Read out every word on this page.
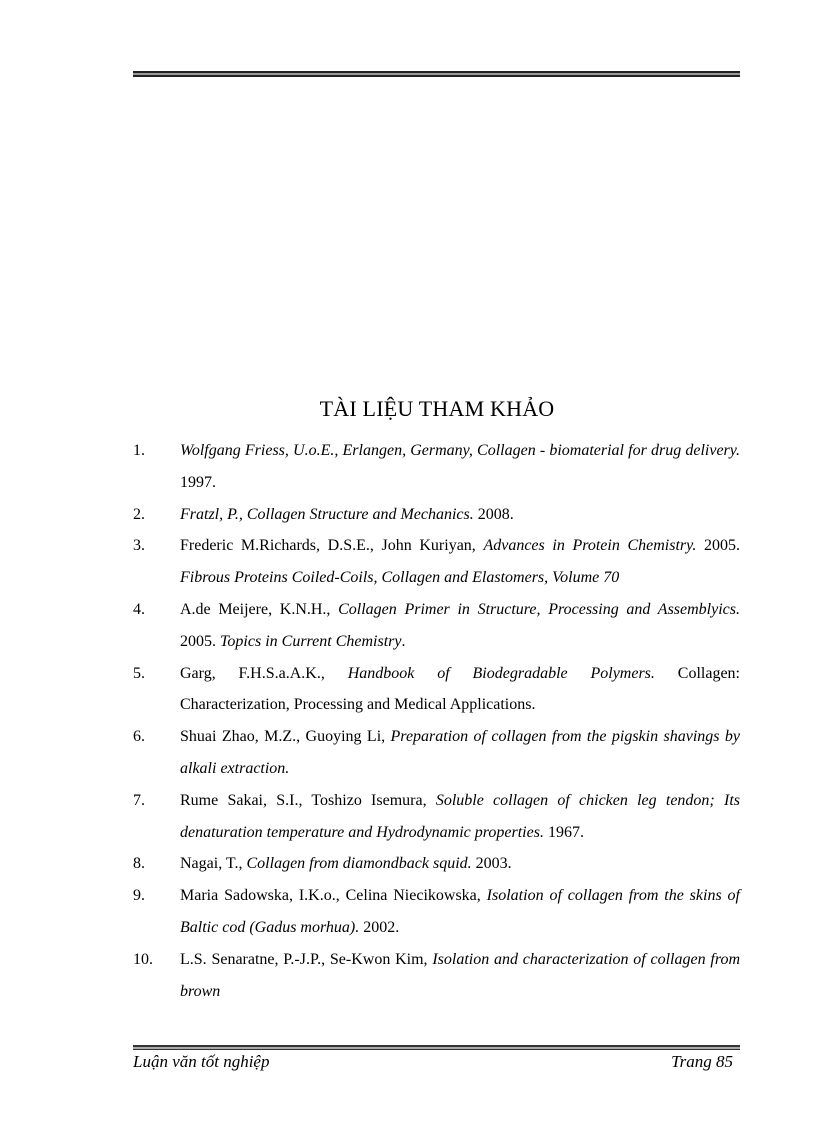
TÀI LIỆU THAM KHẢO
1. Wolfgang Friess, U.o.E., Erlangen, Germany, Collagen - biomaterial for drug delivery. 1997.
2. Fratzl, P., Collagen Structure and Mechanics. 2008.
3. Frederic M.Richards, D.S.E., John Kuriyan, Advances in Protein Chemistry. 2005. Fibrous Proteins Coiled-Coils, Collagen and Elastomers, Volume 70
4. A.de Meijere, K.N.H., Collagen Primer in Structure, Processing and Assemblyics. 2005. Topics in Current Chemistry.
5. Garg, F.H.S.a.A.K., Handbook of Biodegradable Polymers. Collagen: Characterization, Processing and Medical Applications.
6. Shuai Zhao, M.Z., Guoying Li, Preparation of collagen from the pigskin shavings by alkali extraction.
7. Rume Sakai, S.I., Toshizo Isemura, Soluble collagen of chicken leg tendon; Its denaturation temperature and Hydrodynamic properties. 1967.
8. Nagai, T., Collagen from diamondback squid. 2003.
9. Maria Sadowska, I.K.o., Celina Niecikowska, Isolation of collagen from the skins of Baltic cod (Gadus morhua). 2002.
10. L.S. Senaratne, P.-J.P., Se-Kwon Kim, Isolation and characterization of collagen from brown
Luận văn tốt nghiệp	Trang 85
